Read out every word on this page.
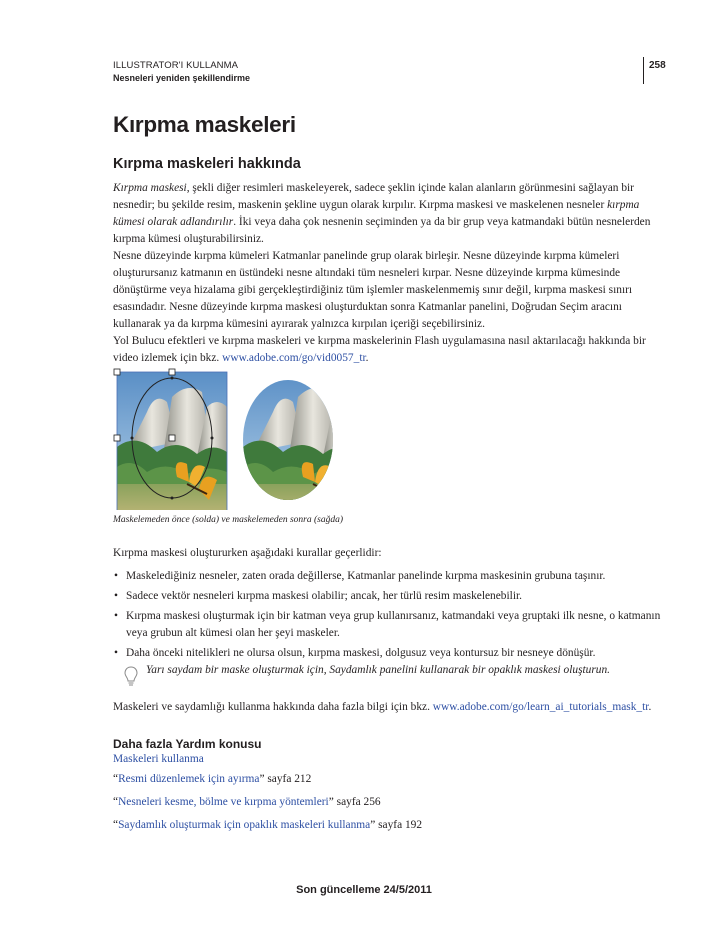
ILLUSTRATOR'I KULLANMA
Nesneleri yeniden şekillendirme
258
Kırpma maskeleri
Kırpma maskeleri hakkında

Kırpma maskesi, şekli diğer resimleri maskeleyerek, sadece şeklin içinde kalan alanların görünmesini sağlayan bir nesnedir; bu şekilde resim, maskenin şekline uygun olarak kırpılır. Kırpma maskesi ve maskelenen nesneler kırpma kümesi olarak adlandırılır. İki veya daha çok nesnenin seçiminden ya da bir grup veya katmandaki bütün nesnelerden kırpma kümesi oluşturabilirsiniz.

Nesne düzeyinde kırpma kümeleri Katmanlar panelinde grup olarak birleşir. Nesne düzeyinde kırpma kümeleri oluşturursanız katmanın en üstündeki nesne altındaki tüm nesneleri kırpar. Nesne düzeyinde kırpma kümesinde dönüştürme veya hizalama gibi gerçekleştirdiğiniz tüm işlemler maskelenmemiş sınır değil, kırpma maskesi sınırı esasındadır. Nesne düzeyinde kırpma maskesi oluşturduktan sonra Katmanlar panelini, Doğrudan Seçim aracını kullanarak ya da kırpma kümesini ayırarak yalnızca kırpılan içeriği seçebilirsiniz.

Yol Bulucu efektleri ve kırpma maskeleri ve kırpma maskelerinin Flash uygulamasına nasıl aktarılacağı hakkında bir video izlemek için bkz. www.adobe.com/go/vid0057_tr.

Maskelemeden önce (solda) ve maskelemeden sonra (sağda)

Kırpma maskesi oluştururken aşağıdaki kurallar geçerlidir:

• Maskelediğiniz nesneler, zaten orada değillerse, Katmanlar panelinde kırpma maskesinin grubuna taşınır.
• Sadece vektör nesneleri kırpma maskesi olabilir; ancak, her türlü resim maskelenebilir.
• Kırpma maskesi oluşturmak için bir katman veya grup kullanırsanız, katmandaki veya gruptaki ilk nesne, o katmanın veya grubun alt kümesi olan her şeyi maskeler.
• Daha önceki nitelikleri ne olursa olsun, kırpma maskesi, dolgusuz veya kontursuz bir nesneye dönüşür.
Yarı saydam bir maske oluşturmak için, Saydamlık panelini kullanarak bir opaklık maskesi oluşturun.

Maskeleri ve saydamlığı kullanma hakkında daha fazla bilgi için bkz. www.adobe.com/go/learn_ai_tutorials_mask_tr.

Daha fazla Yardım konusu

Maskeleri kullanma

“Resmi düzenlemek için ayırma” sayfa 212

“Nesneleri kesme, bölme ve kırpma yöntemleri” sayfa 256

“Saydamlık oluşturmak için opaklık maskeleri kullanma” sayfa 192

Son güncelleme 24/5/2011
